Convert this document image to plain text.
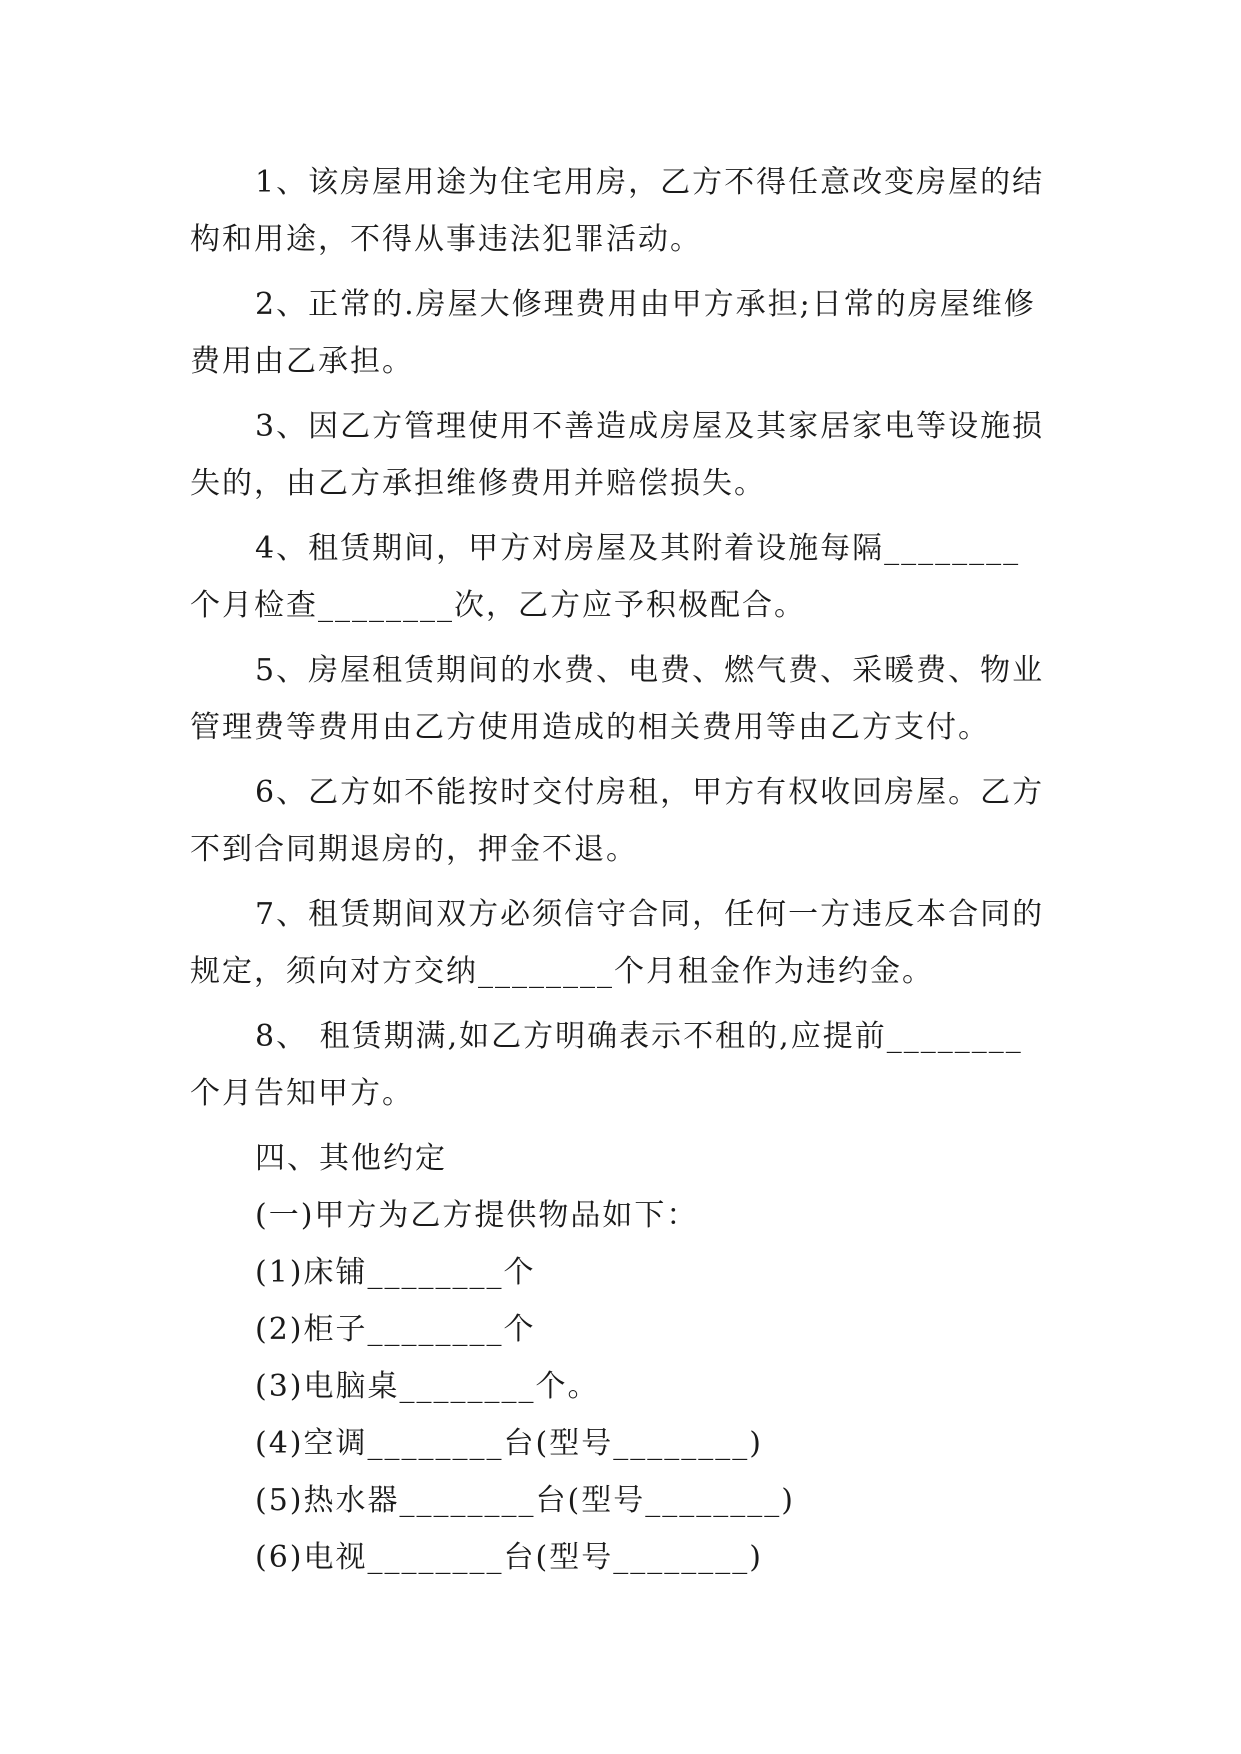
1、该房屋用途为住宅用房，乙方不得任意改变房屋的结构和用途，不得从事违法犯罪活动。

2、正常的.房屋大修理费用由甲方承担;日常的房屋维修费用由乙承担。

3、因乙方管理使用不善造成房屋及其家居家电等设施损失的，由乙方承担维修费用并赔偿损失。

4、租赁期间，甲方对房屋及其附着设施每隔________个月检查________次，乙方应予积极配合。

5、房屋租赁期间的水费、电费、燃气费、采暖费、物业管理费等费用由乙方使用造成的相关费用等由乙方支付。

6、乙方如不能按时交付房租，甲方有权收回房屋。乙方不到合同期退房的，押金不退。

7、租赁期间双方必须信守合同，任何一方违反本合同的规定，须向对方交纳________个月租金作为违约金。

8、 租赁期满,如乙方明确表示不租的,应提前________个月告知甲方。

四、其他约定
(一)甲方为乙方提供物品如下：
(1)床铺________个
(2)柜子________个
(3)电脑桌________个。
(4)空调________台(型号________)
(5)热水器________台(型号________)
(6)电视________台(型号________)
